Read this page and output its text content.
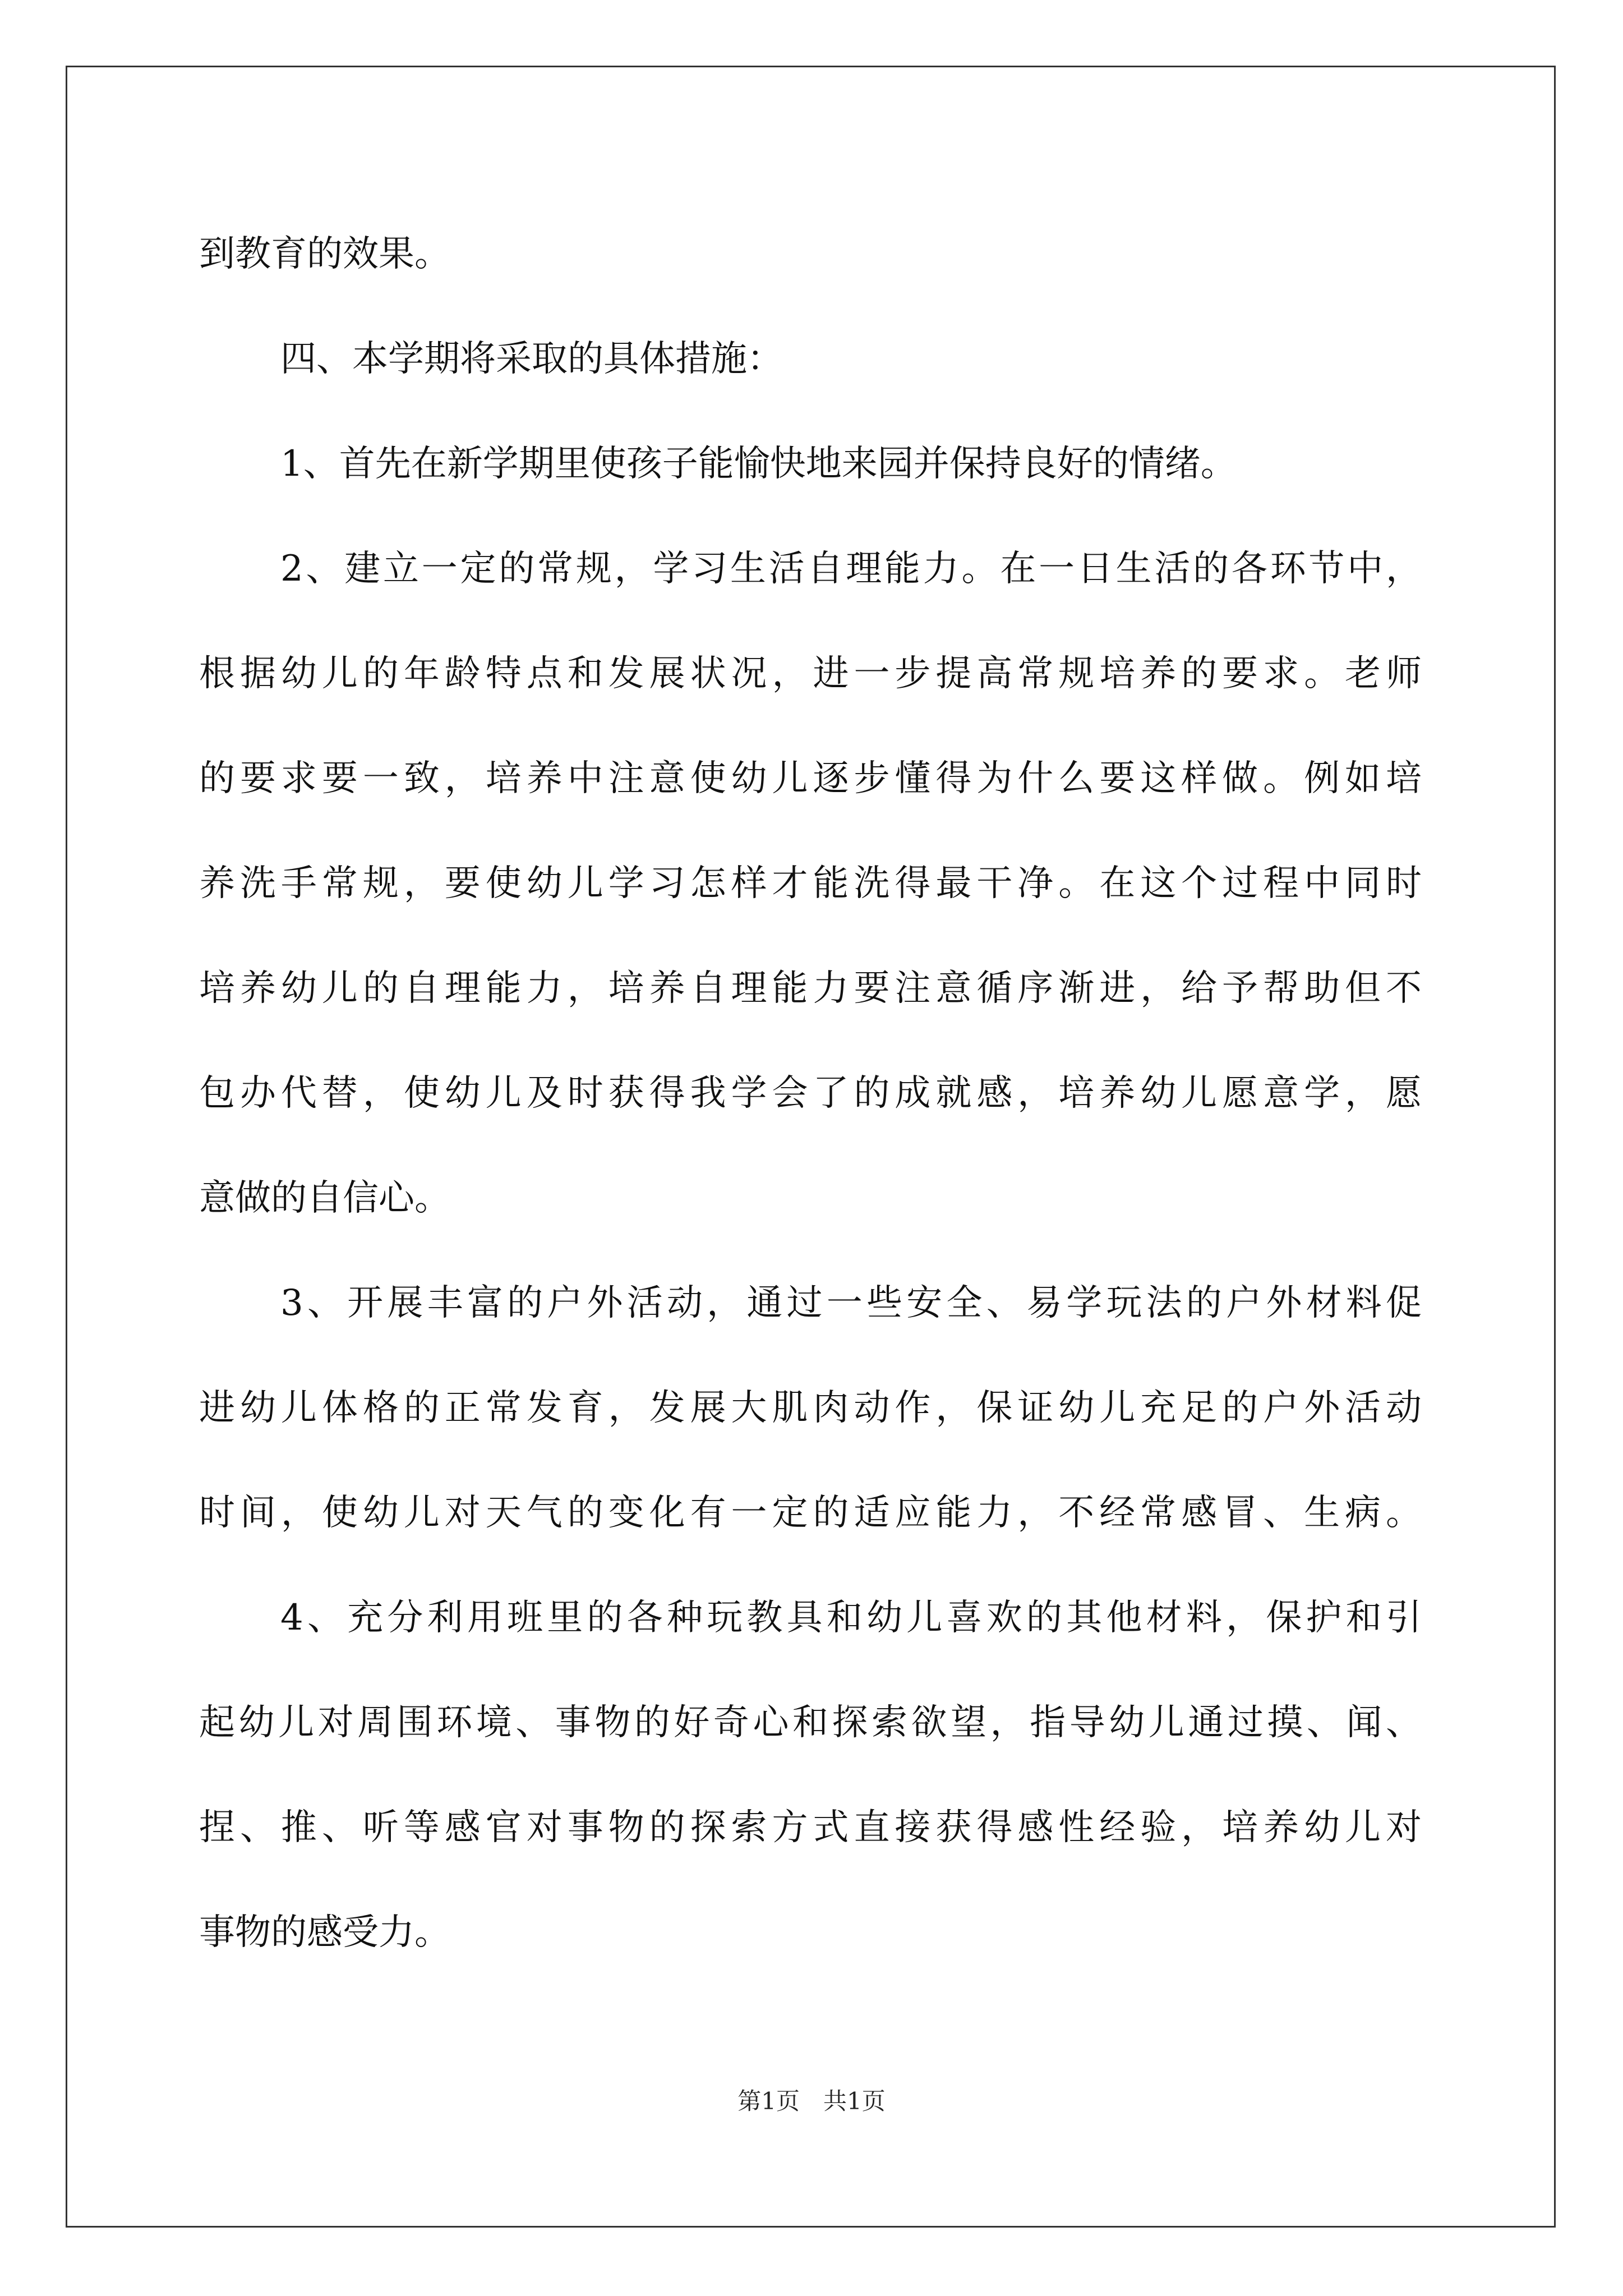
到教育的效果。
四、本学期将采取的具体措施：
1、首先在新学期里使孩子能愉快地来园并保持良好的情绪。
2、建立一定的常规，学习生活自理能力。在一日生活的各环节中，
根据幼儿的年龄特点和发展状况，进一步提高常规培养的要求。老师
的要求要一致，培养中注意使幼儿逐步懂得为什么要这样做。例如培
养洗手常规，要使幼儿学习怎样才能洗得最干净。在这个过程中同时
培养幼儿的自理能力，培养自理能力要注意循序渐进，给予帮助但不
包办代替，使幼儿及时获得我学会了的成就感，培养幼儿愿意学，愿
意做的自信心。
3、开展丰富的户外活动，通过一些安全、易学玩法的户外材料促
进幼儿体格的正常发育，发展大肌肉动作，保证幼儿充足的户外活动
时间，使幼儿对天气的变化有一定的适应能力，不经常感冒、生病。
4、充分利用班里的各种玩教具和幼儿喜欢的其他材料，保护和引
起幼儿对周围环境、事物的好奇心和探索欲望，指导幼儿通过摸、闻、
捏、推、听等感官对事物的探索方式直接获得感性经验，培养幼儿对
事物的感受力。
第1页　共1页
